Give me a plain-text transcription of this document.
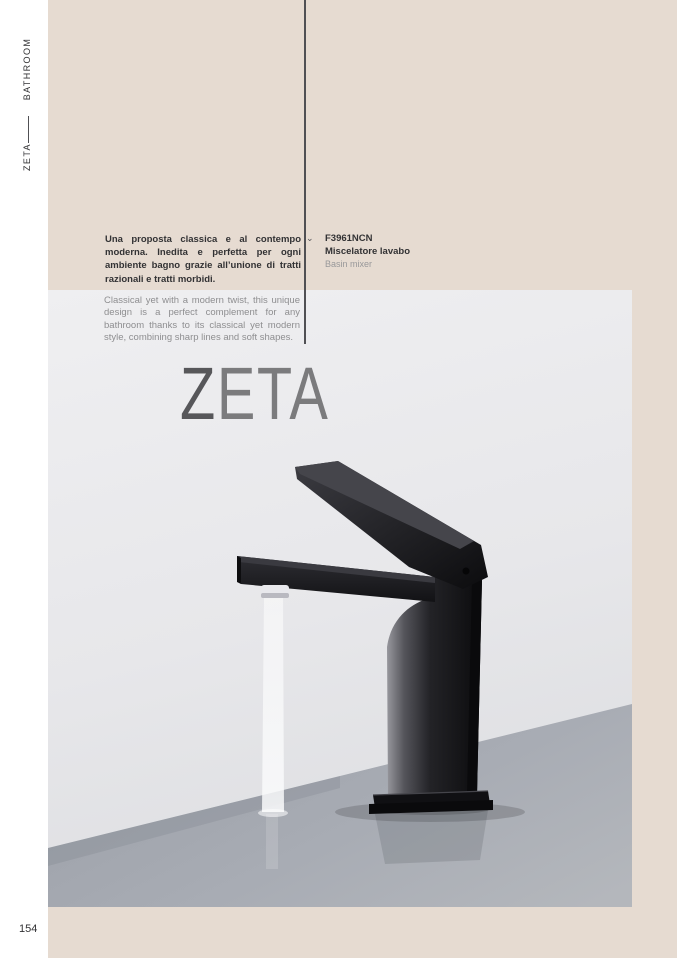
BATHROOM
ZETA
154
Una proposta classica e al contempo moderna. Inedita e perfetta per ogni ambiente bagno grazie all’unione di tratti razionali e tratti morbidi.
Classical yet with a modern twist, this unique design is a perfect complement for any bathroom thanks to its classical yet modern style, combining sharp lines and soft shapes.
⌄ F3961NCN
Miscelatore lavabo
Basin mixer
ZETA
